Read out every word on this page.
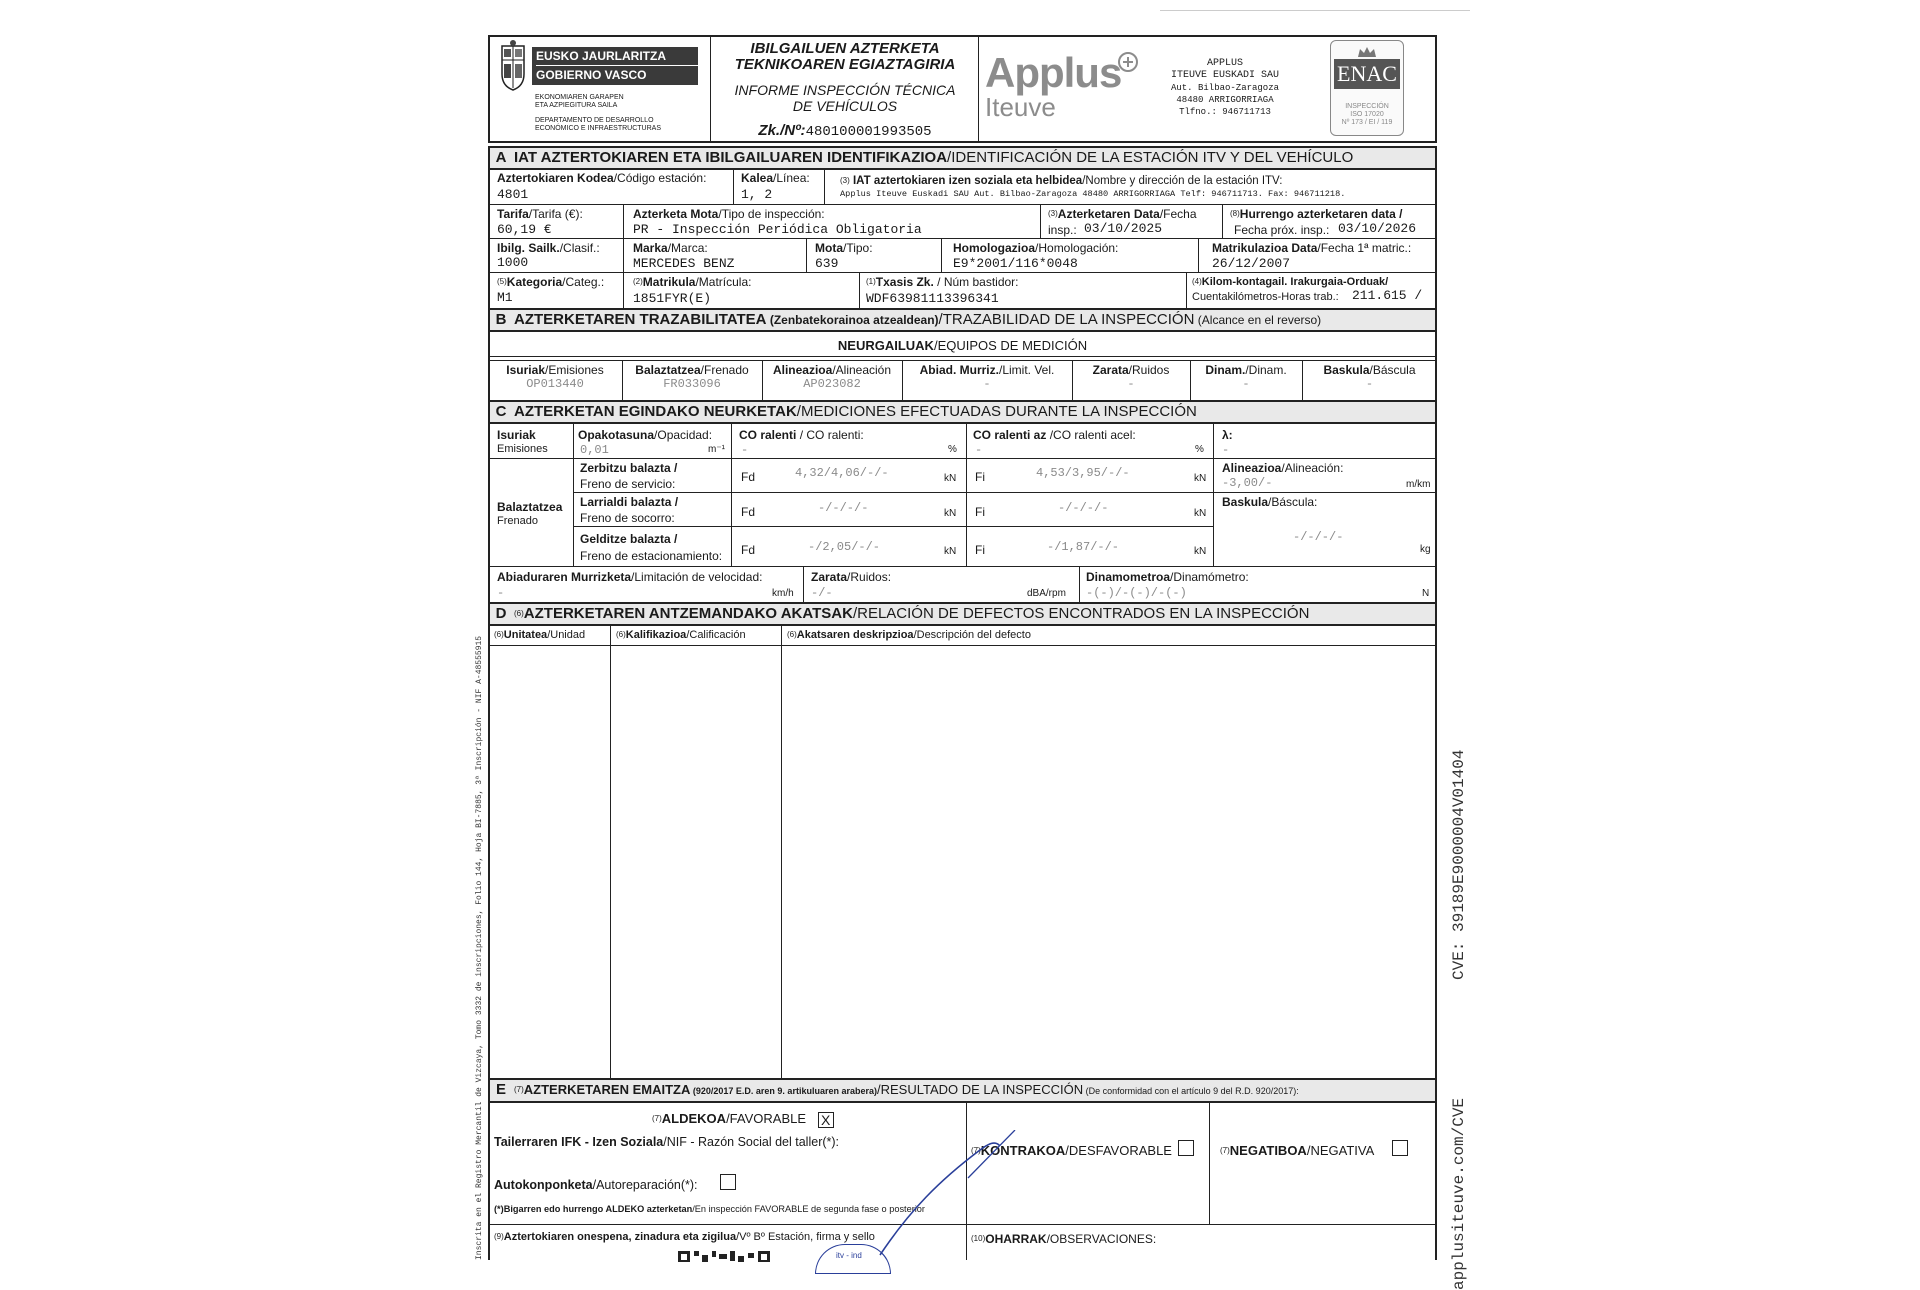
Inscrita en el Registro Mercantil de Vizcaya, Tomo 3332 de inscripciones, Folio 144, Hoja BI-7885, 3ª Inscripción - NIF A-48555915	CVE: 39189E9000004V01404
applusiteuve.com/CVE
EUSKO JAURLARITZA
GOBIERNO VASCO
EKONOMIAREN GARAPEN
ETA AZPIEGITURA SAILA
DEPARTAMENTO DE DESARROLLO
ECONÓMICO E INFRAESTRUCTURAS
IBILGAILUEN AZTERKETA
TEKNIKOAREN EGIAZTAGIRIA
INFORME INSPECCIÓN TÉCNICA
DE VEHÍCULOS
Zk./Nº:480100001993505
Applus
Iteuve
APPLUS
ITEUVE EUSKADI SAU
Aut. Bilbao-Zaragoza
48480 ARRIGORRIAGA
Tlfno.: 946711713
ENAC
INSPECCIÓN
ISO 17020
Nº 173 / EI / 119
A IAT AZTERTOKIAREN ETA IBILGAILUAREN IDENTIFIKAZIOA/IDENTIFICACIÓN DE LA ESTACIÓN ITV Y DEL VEHÍCULO
Aztertokiaren Kodea/Código estación:
4801
Kalea/Línea:
1, 2
$^{(3)}$ IAT aztertokiaren izen soziala eta helbidea/Nombre y dirección de la estación ITV:
Applus Iteuve Euskadi SAU Aut. Bilbao-Zaragoza 48480 ARRIGORRIAGA Telf: 946711713. Fax: 946711218.
Tarifa/Tarifa (€):
60,19 €
Azterketa Mota/Tipo de inspección:
PR - Inspección Periódica Obligatoria
$^{(3)}$Azterketaren Data/Fecha
insp.: 03/10/2025
$^{(8)}$Hurrengo azterketaren data /
Fecha próx. insp.: 03/10/2026
Ibilg. Sailk./Clasif.:
1000
Marka/Marca:
MERCEDES BENZ
Mota/Tipo:
639
Homologazioa/Homologación:
E9*2001/116*0048
Matrikulazioa Data/Fecha 1ª matric.:
26/12/2007
$^{(5)}$Kategoria/Categ.:
M1
$^{(2)}$Matrikula/Matrícula:
1851FYR(E)
$^{(1)}$Txasis Zk. / Núm bastidor:
WDF63981113396341
$^{(4)}$Kilom-kontagail. Irakurgaia-Orduak/
Cuentakilómetros-Horas trab.: 211.615 /
B AZTERKETAREN TRAZABILITATEA (Zenbatekorainoa atzealdean)/TRAZABILIDAD DE LA INSPECCIÓN (Alcance en el reverso)
NEURGAILUAK/EQUIPOS DE MEDICIÓN
Isuriak/Emisiones
OP013440
Balaztatzea/Frenado
FR033096
Alineazioa/Alineación
AP023082
Abiad. Murriz./Limit. Vel.
-
Zarata/Ruidos
-
Dinam./Dinam.
-
Baskula/Báscula
-
C AZTERKETAN EGINDAKO NEURKETAK/MEDICIONES EFECTUADAS DURANTE LA INSPECCIÓN
Isuriak
Emisiones
Opakotasuna/Opacidad:
0,01	m⁻¹
CO ralenti / CO ralenti:
-	%
CO ralenti az /CO ralenti acel:
-	%
λ:
-
Balaztatzea
Frenado
Zerbitzu balazta /
Freno de servicio:	Fd	4,32/4,06/-/-	kN Fi	4,53/3,95/-/-	kN
Larrialdi balazta /
Freno de socorro:	Fd	-/-/-/-	kN Fi	-/-/-/-	kN
Gelditze balazta /
Freno de estacionamiento: Fd	-/2,05/-/-	kN Fi	-/1,87/-/-	kN
Alineazioa/Alineación:
-3,00/-	m/km
Baskula/Báscula:
-/-/-/-
kg
Abiaduraren Murrizketa/Limitación de velocidad:
-	km/h
Zarata/Ruidos:
-/-	dBA/rpm
Dinamometroa/Dinamómetro:
-(-)/-(-)/-(-)	N
D $^{(6)}$AZTERKETAREN ANTZEMANDAKO AKATSAK/RELACIÓN DE DEFECTOS ENCONTRADOS EN LA INSPECCIÓN
$^{(6)}$Unitatea/Unidad	$^{(6)}$Kalifikazioa/Calificación	$^{(6)}$Akatsaren deskripzioa/Descripción del defecto
E $^{(7)}$AZTERKETAREN EMAITZA (920/2017 E.D. aren 9. artikuluaren arabera)/RESULTADO DE LA INSPECCIÓN (De conformidad con el artículo 9 del R.D. 920/2017):
$^{(7)}$ALDEKOA/FAVORABLE X
Tailerraren IFK - Izen Soziala/NIF - Razón Social del taller(*):
Autokonponketa/Autoreparación(*):
(*)Bigarren edo hurrengo ALDEKO azterketan/En inspección FAVORABLE de segunda fase o posterior
$^{(7)}$KONTRAKOA/DESFAVORABLE	$^{(7)}$NEGATIBOA/NEGATIVA
$^{(9)}$Aztertokiaren onespena, zinadura eta zigilua/Vº Bº Estación, firma y sello	$^{(10)}$OHARRAK/OBSERVACIONES:
itv - ind
